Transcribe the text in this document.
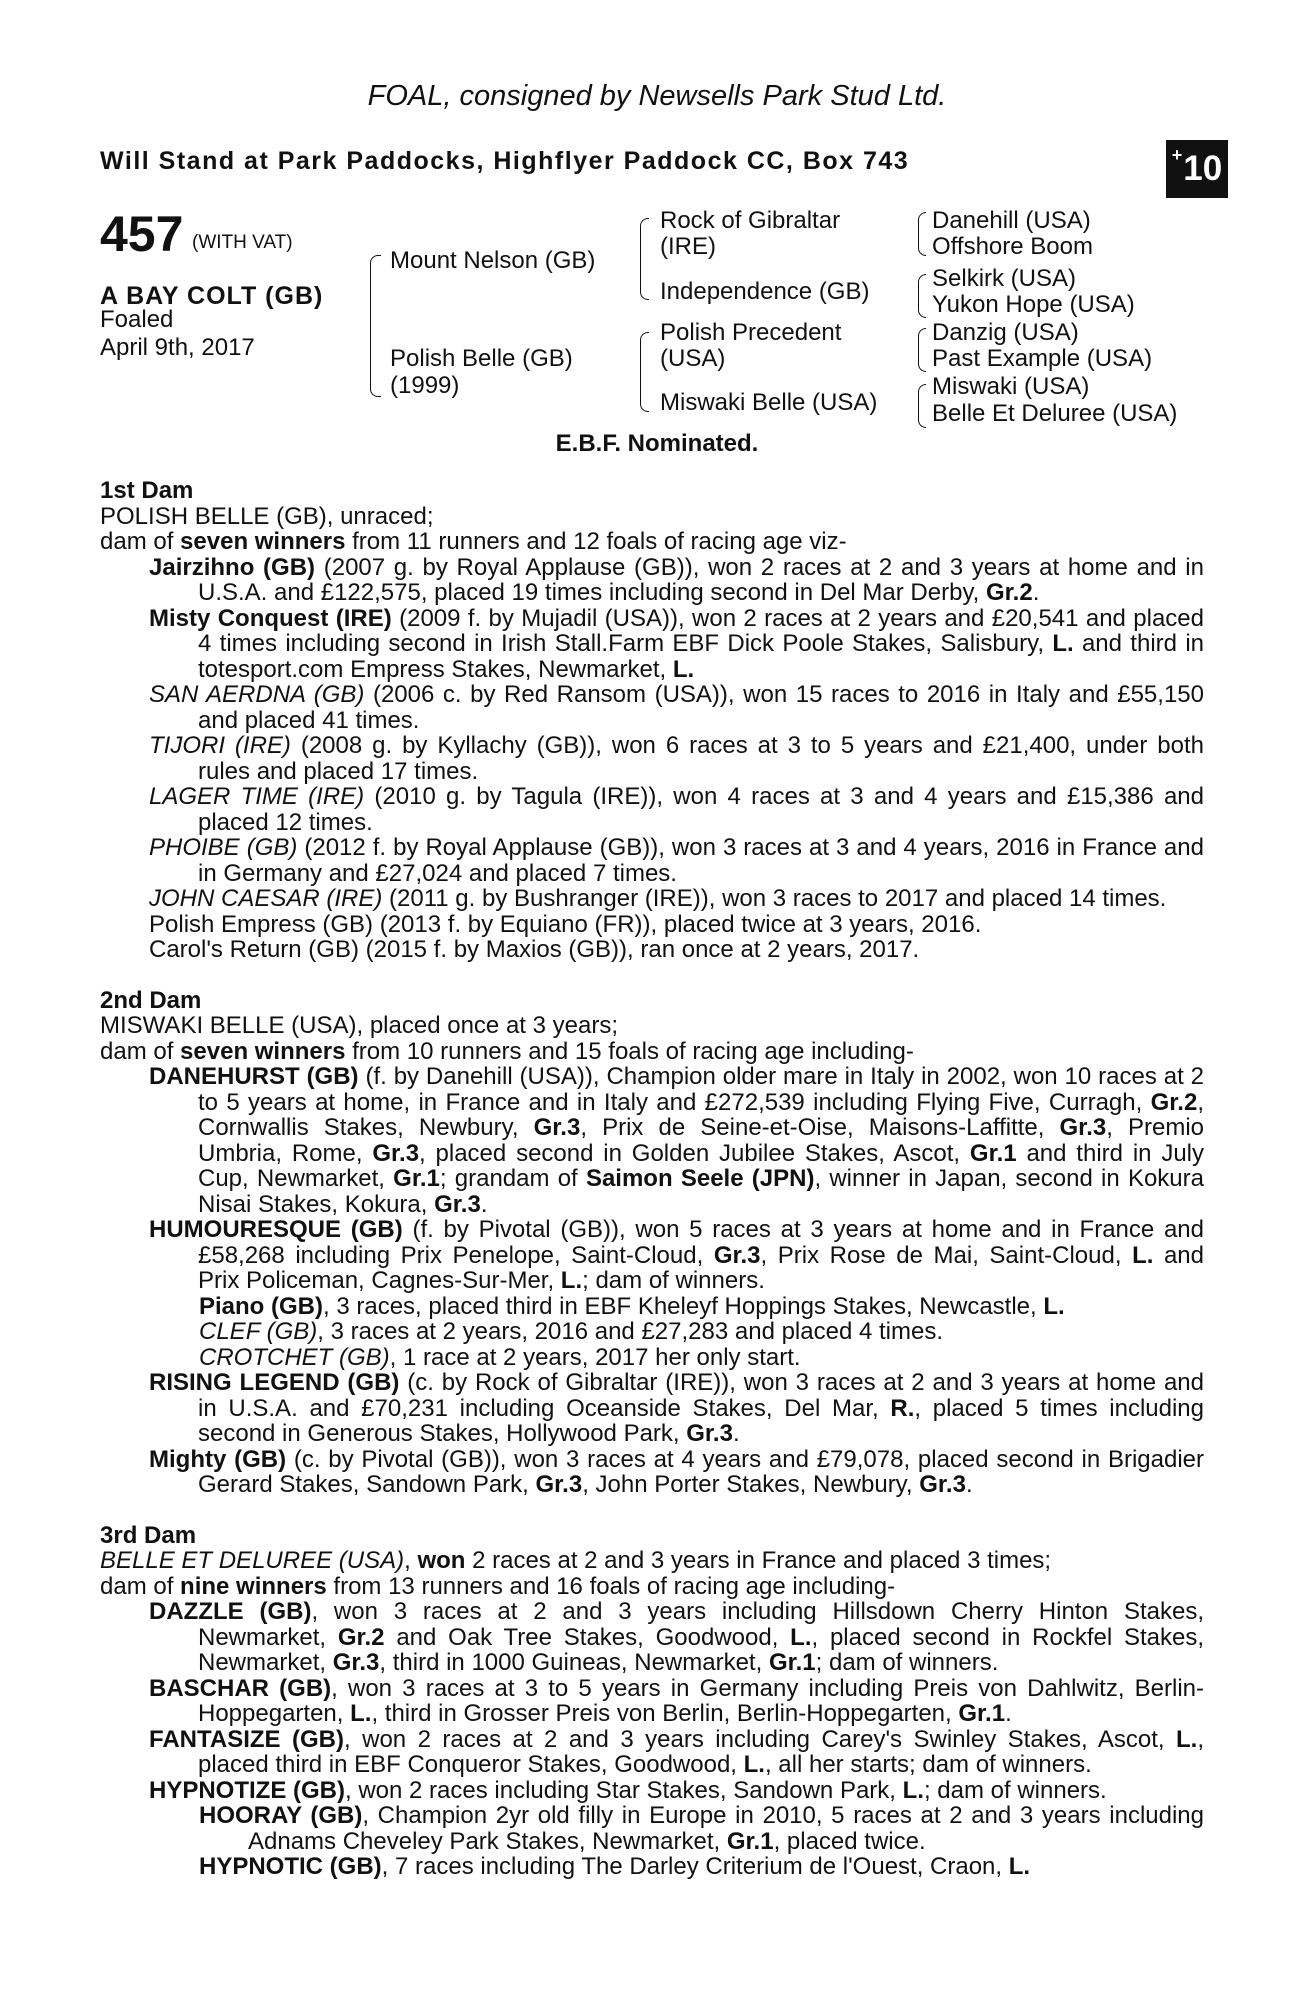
FOAL, consigned by Newsells Park Stud Ltd.
Will Stand at Park Paddocks, Highflyer Paddock CC, Box 743	+10
457 (WITH VAT)
A BAY COLT (GB)
Foaled
April 9th, 2017
Mount Nelson (GB)
Polish Belle (GB)
(1999)
Rock of Gibraltar
(IRE)
Independence (GB)
Polish Precedent
(USA)
Miswaki Belle (USA)
Danehill (USA)
Offshore Boom
Selkirk (USA)
Yukon Hope (USA)
Danzig (USA)
Past Example (USA)
Miswaki (USA)
Belle Et Deluree (USA)
E.B.F. Nominated.
1st Dam
POLISH BELLE (GB), unraced;
dam of seven winners from 11 runners and 12 foals of racing age viz-
Jairzihno (GB) (2007 g. by Royal Applause (GB)), won 2 races at 2 and 3 years at home and in U.S.A. and £122,575, placed 19 times including second in Del Mar Derby, Gr.2.
Misty Conquest (IRE) (2009 f. by Mujadil (USA)), won 2 races at 2 years and £20,541 and placed 4 times including second in Irish Stall.Farm EBF Dick Poole Stakes, Salisbury, L. and third in totesport.com Empress Stakes, Newmarket, L.
SAN AERDNA (GB) (2006 c. by Red Ransom (USA)), won 15 races to 2016 in Italy and £55,150 and placed 41 times.
TIJORI (IRE) (2008 g. by Kyllachy (GB)), won 6 races at 3 to 5 years and £21,400, under both rules and placed 17 times.
LAGER TIME (IRE) (2010 g. by Tagula (IRE)), won 4 races at 3 and 4 years and £15,386 and placed 12 times.
PHOIBE (GB) (2012 f. by Royal Applause (GB)), won 3 races at 3 and 4 years, 2016 in France and in Germany and £27,024 and placed 7 times.
JOHN CAESAR (IRE) (2011 g. by Bushranger (IRE)), won 3 races to 2017 and placed 14 times.
Polish Empress (GB) (2013 f. by Equiano (FR)), placed twice at 3 years, 2016.
Carol's Return (GB) (2015 f. by Maxios (GB)), ran once at 2 years, 2017.
2nd Dam
MISWAKI BELLE (USA), placed once at 3 years;
dam of seven winners from 10 runners and 15 foals of racing age including-
DANEHURST (GB) (f. by Danehill (USA)), Champion older mare in Italy in 2002, won 10 races at 2 to 5 years at home, in France and in Italy and £272,539 including Flying Five, Curragh, Gr.2, Cornwallis Stakes, Newbury, Gr.3, Prix de Seine-et-Oise, Maisons-Laffitte, Gr.3, Premio Umbria, Rome, Gr.3, placed second in Golden Jubilee Stakes, Ascot, Gr.1 and third in July Cup, Newmarket, Gr.1; grandam of Saimon Seele (JPN), winner in Japan, second in Kokura Nisai Stakes, Kokura, Gr.3.
HUMOURESQUE (GB) (f. by Pivotal (GB)), won 5 races at 3 years at home and in France and £58,268 including Prix Penelope, Saint-Cloud, Gr.3, Prix Rose de Mai, Saint-Cloud, L. and Prix Policeman, Cagnes-Sur-Mer, L.; dam of winners.
Piano (GB), 3 races, placed third in EBF Kheleyf Hoppings Stakes, Newcastle, L.
CLEF (GB), 3 races at 2 years, 2016 and £27,283 and placed 4 times.
CROTCHET (GB), 1 race at 2 years, 2017 her only start.
RISING LEGEND (GB) (c. by Rock of Gibraltar (IRE)), won 3 races at 2 and 3 years at home and in U.S.A. and £70,231 including Oceanside Stakes, Del Mar, R., placed 5 times including second in Generous Stakes, Hollywood Park, Gr.3.
Mighty (GB) (c. by Pivotal (GB)), won 3 races at 4 years and £79,078, placed second in Brigadier Gerard Stakes, Sandown Park, Gr.3, John Porter Stakes, Newbury, Gr.3.
3rd Dam
BELLE ET DELUREE (USA), won 2 races at 2 and 3 years in France and placed 3 times;
dam of nine winners from 13 runners and 16 foals of racing age including-
DAZZLE (GB), won 3 races at 2 and 3 years including Hillsdown Cherry Hinton Stakes, Newmarket, Gr.2 and Oak Tree Stakes, Goodwood, L., placed second in Rockfel Stakes, Newmarket, Gr.3, third in 1000 Guineas, Newmarket, Gr.1; dam of winners.
BASCHAR (GB), won 3 races at 3 to 5 years in Germany including Preis von Dahlwitz, Berlin-Hoppegarten, L., third in Grosser Preis von Berlin, Berlin-Hoppegarten, Gr.1.
FANTASIZE (GB), won 2 races at 2 and 3 years including Carey's Swinley Stakes, Ascot, L., placed third in EBF Conqueror Stakes, Goodwood, L., all her starts; dam of winners.
HYPNOTIZE (GB), won 2 races including Star Stakes, Sandown Park, L.; dam of winners.
HOORAY (GB), Champion 2yr old filly in Europe in 2010, 5 races at 2 and 3 years including Adnams Cheveley Park Stakes, Newmarket, Gr.1, placed twice.
HYPNOTIC (GB), 7 races including The Darley Criterium de l'Ouest, Craon, L.
